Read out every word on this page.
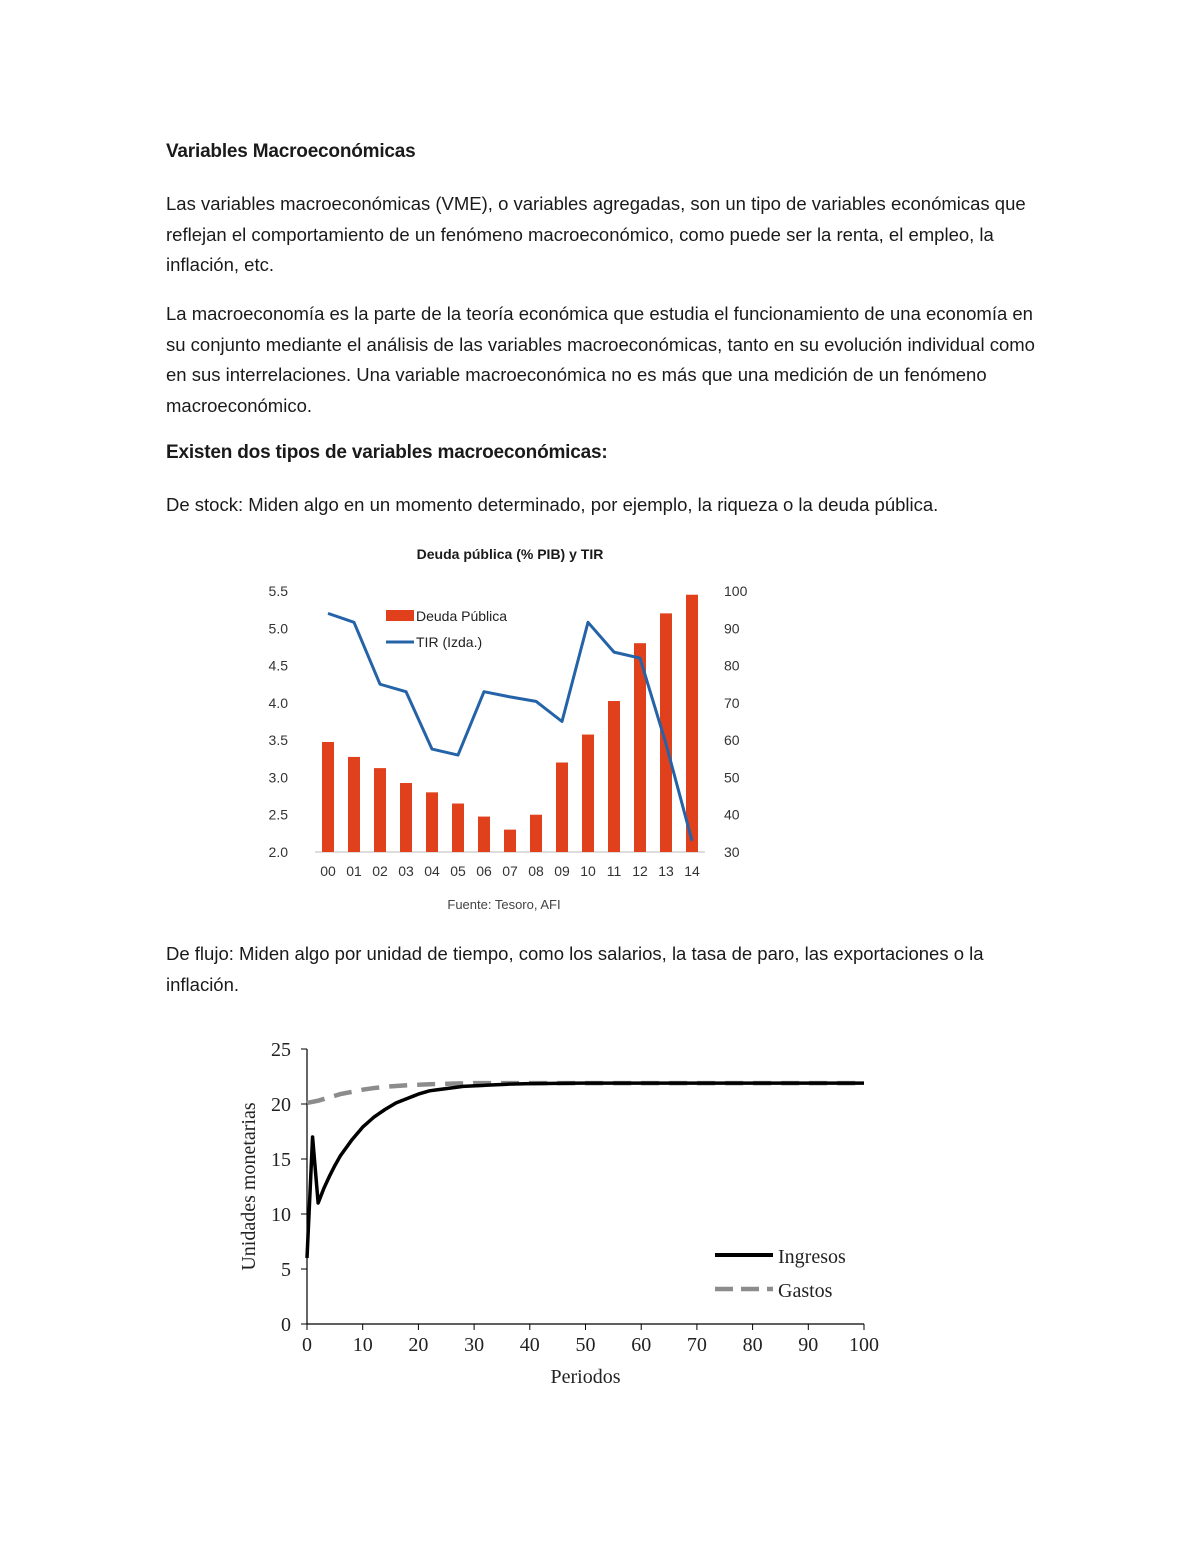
Variables Macroeconómicas

Las variables macroeconómicas (VME), o variables agregadas, son un tipo de variables económicas que reflejan el comportamiento de un fenómeno macroeconómico, como puede ser la renta, el empleo, la inflación, etc.

La macroeconomía es la parte de la teoría económica que estudia el funcionamiento de una economía en su conjunto mediante el análisis de las variables macroeconómicas, tanto en su evolución individual como en sus interrelaciones. Una variable macroeconómica no es más que una medición de un fenómeno macroeconómico.

Existen dos tipos de variables macroeconómicas:

De stock: Miden algo en un momento determinado, por ejemplo, la riqueza o la deuda pública.

Deuda pública (% PIB) y TIR
5.5
5.0
4.5
4.0
3.5
3.0
2.5
2.0
100
90
80
70
60
50
40
30
00 01 02 03 04 05 06 07 08 09 10 11 12 13 14
Deuda Pública
TIR (Izda.)
Fuente: Tesoro, AFI

De flujo: Miden algo por unidad de tiempo, como los salarios, la tasa de paro, las exportaciones o la inflación.

0
5
10
15
20
25
0 10 20 30 40 50 60 70 80 90 100
Periodos
Unidades monetarias	Ingresos
Gastos
